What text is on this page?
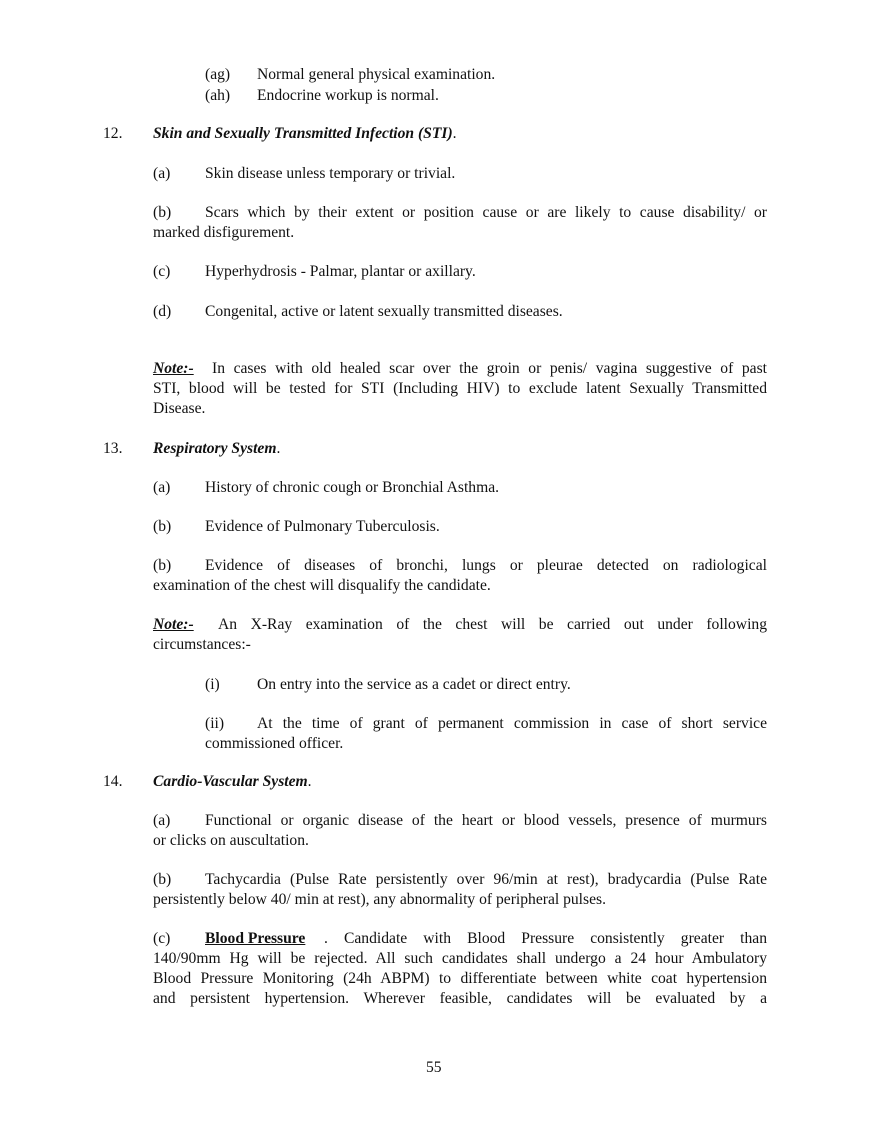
(ag) Normal general physical examination.
(ah) Endocrine workup is normal.
12. Skin and Sexually Transmitted Infection (STI).
(a) Skin disease unless temporary or trivial.
(b) Scars which by their extent or position cause or are likely to cause disability/ or
marked disfigurement.
(c) Hyperhydrosis - Palmar, plantar or axillary.
(d) Congenital, active or latent sexually transmitted diseases.
Note:- In cases with old healed scar over the groin or penis/ vagina suggestive of past
STI, blood will be tested for STI (Including HIV) to exclude latent Sexually Transmitted
Disease.
13. Respiratory System.
(a) History of chronic cough or Bronchial Asthma.
(b) Evidence of Pulmonary Tuberculosis.
(b) Evidence of diseases of bronchi, lungs or pleurae detected on radiological
examination of the chest will disqualify the candidate.
Note:- An X-Ray examination of the chest will be carried out under following
circumstances:-
(i) On entry into the service as a cadet or direct entry.
(ii) At the time of grant of permanent commission in case of short service
commissioned officer.
14. Cardio-Vascular System.
(a) Functional or organic disease of the heart or blood vessels, presence of murmurs
or clicks on auscultation.
(b) Tachycardia (Pulse Rate persistently over 96/min at rest), bradycardia (Pulse Rate
persistently below 40/ min at rest), any abnormality of peripheral pulses.
(c) Blood Pressure . Candidate with Blood Pressure consistently greater than
140/90mm Hg will be rejected. All such candidates shall undergo a 24 hour Ambulatory
Blood Pressure Monitoring (24h ABPM) to differentiate between white coat hypertension
and persistent hypertension. Wherever feasible, candidates will be evaluated by a
55
